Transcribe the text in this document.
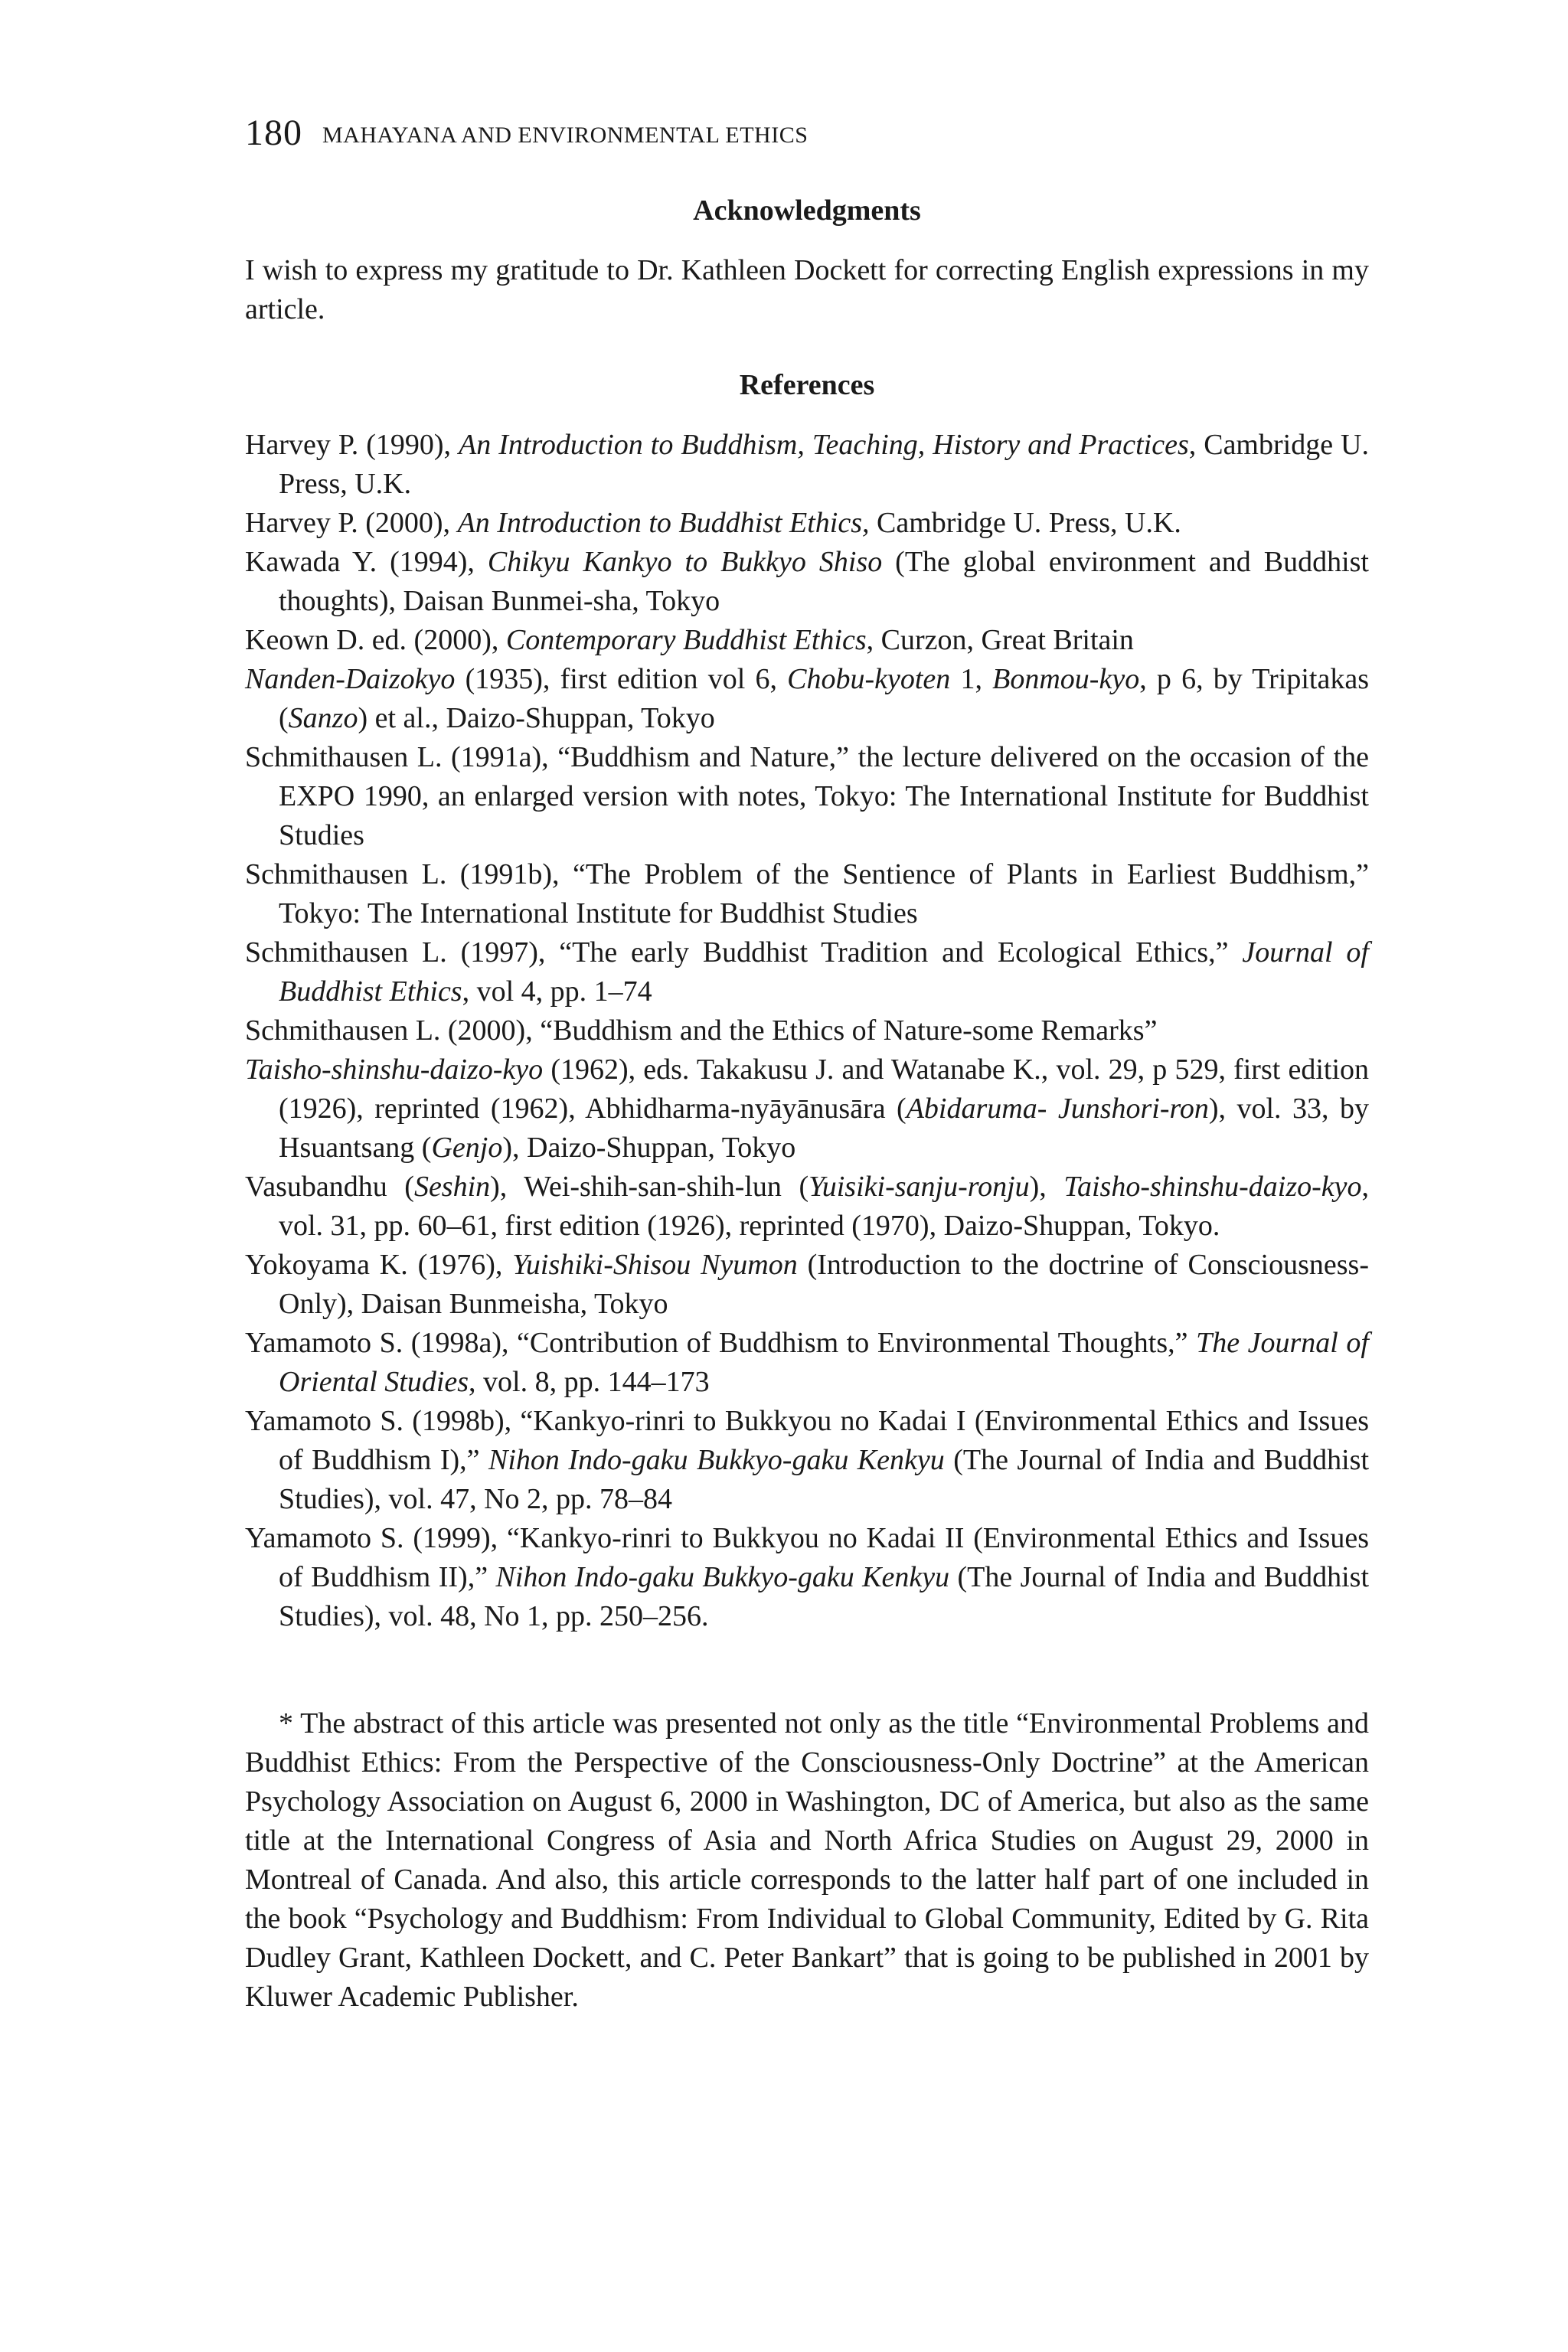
180 MAHAYANA AND ENVIRONMENTAL ETHICS
Acknowledgments

I wish to express my gratitude to Dr. Kathleen Dockett for correcting English expressions in my article.

References
Harvey P. (1990), An Introduction to Buddhism, Teaching, History and Practices, Cambridge U. Press, U.K.
Harvey P. (2000), An Introduction to Buddhist Ethics, Cambridge U. Press, U.K.
Kawada Y. (1994), Chikyu Kankyo to Bukkyo Shiso (The global environment and Buddhist thoughts), Daisan Bunmei-sha, Tokyo
Keown D. ed. (2000), Contemporary Buddhist Ethics, Curzon, Great Britain
Nanden-Daizokyo (1935), first edition vol 6, Chobu-kyoten 1, Bonmou-kyo, p 6, by Tripitakas (Sanzo) et al., Daizo-Shuppan, Tokyo
Schmithausen L. (1991a), “Buddhism and Nature,” the lecture delivered on the occasion of the EXPO 1990, an enlarged version with notes, Tokyo: The International Institute for Buddhist Studies
Schmithausen L. (1991b), “The Problem of the Sentience of Plants in Earliest Buddhism,” Tokyo: The International Institute for Buddhist Studies
Schmithausen L. (1997), “The early Buddhist Tradition and Ecological Ethics,” Journal of Buddhist Ethics, vol 4, pp. 1–74
Schmithausen L. (2000), “Buddhism and the Ethics of Nature-some Remarks”
Taisho-shinshu-daizo-kyo (1962), eds. Takakusu J. and Watanabe K., vol. 29, p 529, first edition (1926), reprinted (1962), Abhidharma-nyāyānusāra (Abidaruma- Junshori-ron), vol. 33, by Hsuantsang (Genjo), Daizo-Shuppan, Tokyo
Vasubandhu (Seshin), Wei-shih-san-shih-lun (Yuisiki-sanju-ronju), Taisho-shinshu-daizo-kyo, vol. 31, pp. 60–61, first edition (1926), reprinted (1970), Daizo-Shuppan, Tokyo.
Yokoyama K. (1976), Yuishiki-Shisou Nyumon (Introduction to the doctrine of Consciousness-Only), Daisan Bunmeisha, Tokyo
Yamamoto S. (1998a), “Contribution of Buddhism to Environmental Thoughts,” The Journal of Oriental Studies, vol. 8, pp. 144–173
Yamamoto S. (1998b), “Kankyo-rinri to Bukkyou no Kadai I (Environmental Ethics and Issues of Buddhism I),” Nihon Indo-gaku Bukkyo-gaku Kenkyu (The Journal of India and Buddhist Studies), vol. 47, No 2, pp. 78–84
Yamamoto S. (1999), “Kankyo-rinri to Bukkyou no Kadai II (Environmental Ethics and Issues of Buddhism II),” Nihon Indo-gaku Bukkyo-gaku Kenkyu (The Journal of India and Buddhist Studies), vol. 48, No 1, pp. 250–256.

* The abstract of this article was presented not only as the title “Environmental Problems and Buddhist Ethics: From the Perspective of the Consciousness-Only Doctrine” at the American Psychology Association on August 6, 2000 in Washington, DC of America, but also as the same title at the International Congress of Asia and North Africa Studies on August 29, 2000 in Montreal of Canada. And also, this article corresponds to the latter half part of one included in the book “Psychology and Buddhism: From Individual to Global Community, Edited by G. Rita Dudley Grant, Kathleen Dockett, and C. Peter Bankart” that is going to be published in 2001 by Kluwer Academic Publisher.
